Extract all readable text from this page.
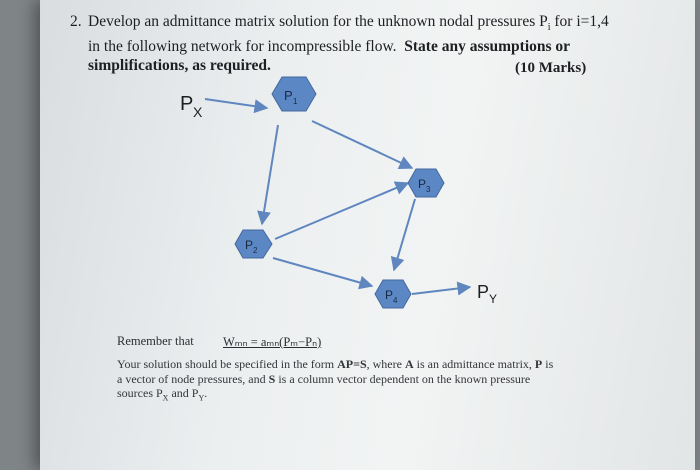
2. Develop an admittance matrix solution for the unknown nodal pressures $P_i$ for i=1,4
in the following network for incompressible flow. State any assumptions or
simplifications, as required.	(10 Marks)
P 1
P 2
P 3
P 4
P X
P Y
Remember that Wₘₙ = aₘₙ(Pₘ−Pₙ)
Your solution should be specified in the form AP=S, where A is an admittance matrix, P is a vector of node pressures, and S is a column vector dependent on the known pressure sources $P_X$ and $P_Y$.
